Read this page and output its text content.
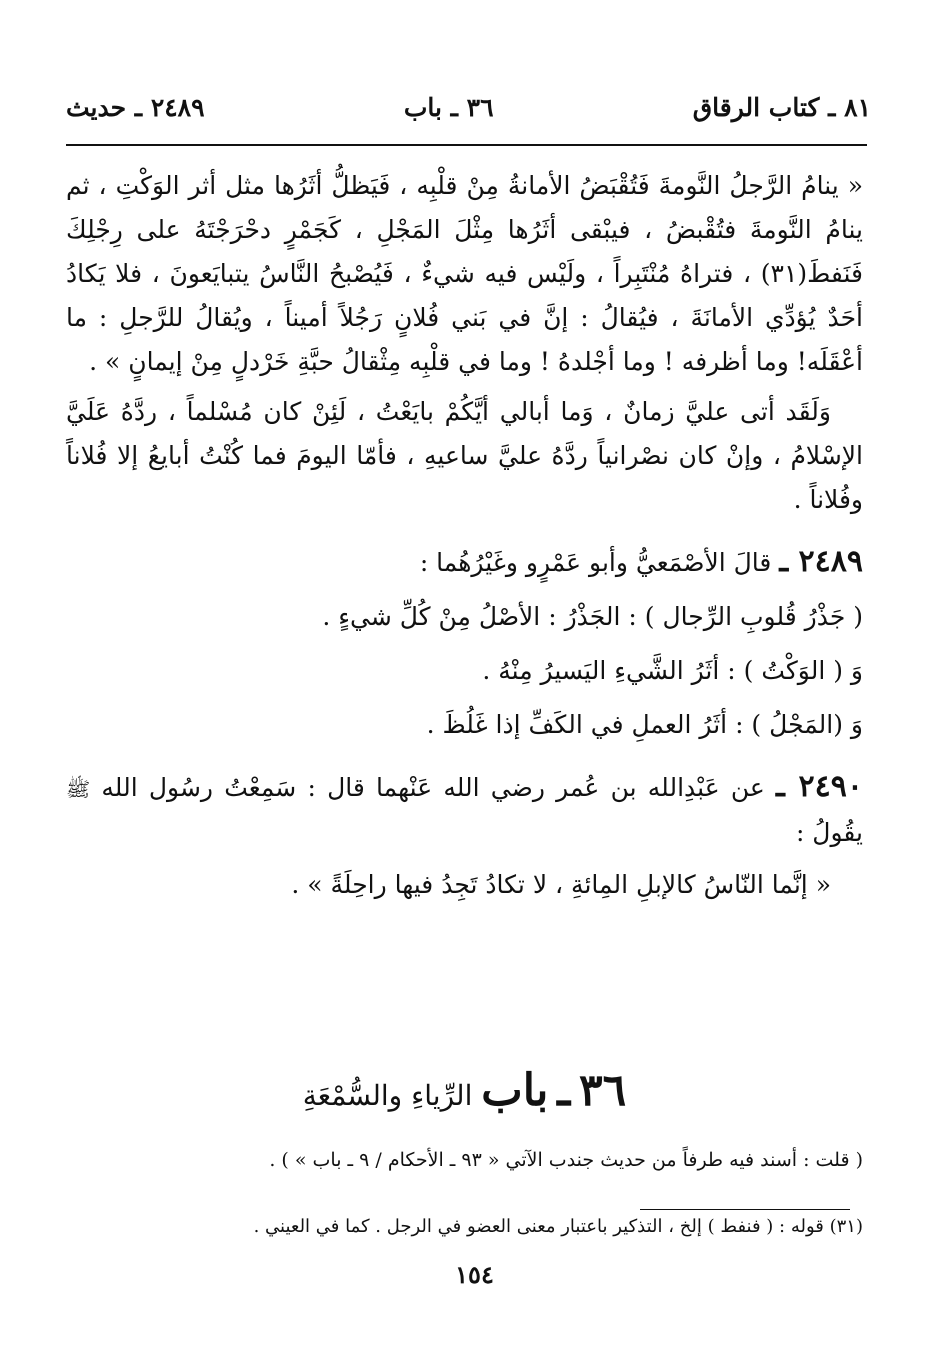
٨١ ـ كتاب الرقاق
٣٦ ـ باب
٢٤٨٩ ـ حديث

« ينامُ الرَّجلُ النَّومةَ فَتُقْبَضُ الأمانةُ مِنْ قلْبِه ، فَيَظلُّ أثَرُها مثل أثر الوَكْتِ ، ثم ينامُ النَّومةَ فتُقْبضُ ، فيبْقى أثَرُها مِثْلَ المَجْلِ ، كَجَمْرٍ دحْرَجْتَهُ على رِجْلِكَ فَنَفطَ(٣١) ، فتراهُ مُنْتَبِراً ، ولَيْس فيه شيءٌ ، فَيُصْبحُ النَّاسُ يتبايَعونَ ، فلا يَكادُ أحَدٌ يُؤدِّي الأمانَةَ ، فيُقالُ : إنَّ في بَني فُلانٍ رَجُلاً أميناً ، ويُقالُ للرَّجلِ : ما أعْقَلَه! وما أظرفه ! وما أجْلدهُ ! وما في قلْبِه مِثْقالُ حبَّةِ خَرْدلٍ مِنْ إيمانٍ » .

وَلَقَد أتى عليَّ زمانٌ ، وَما أبالي أيَّكُمْ بايَعْتُ ، لَئِنْ كان مُسْلماً ، ردَّهُ عَلَيَّ الإسْلامُ ، وإنْ كان نصْرانياً ردَّهُ عليَّ ساعيهِ ، فأمّا اليومَ فما كُنْتُ أبايعُ إلا فُلاناً وفُلاناً .

٢٤٨٩ ـ قالَ الأصْمَعيُّ وأبو عَمْرٍو وغَيْرُهُما :

( جَذْرُ قُلوبِ الرِّجال ) : الجَذْرُ : الأصْلُ مِنْ كُلِّ شيءٍ .

وَ ( الوَكْتُ ) : أثَرُ الشَّيءِ اليَسيرُ مِنْهُ .

وَ (المَجْلُ ) : أثَرُ العملِ في الكَفِّ إذا غَلُظَ .

٢٤٩٠ ـ عن عَبْدِالله بن عُمر رضي الله عَنْهما قال : سَمِعْتُ رسُول الله ﷺ يقُولُ :

« إنَّما النّاسُ كالإبلِ المِائةِ ، لا تكادُ تَجِدُ فيها راحِلَةً » .

٣٦ ـ باب الرِّياءِ والسُّمْعَةِ
( قلت : أسند فيه طرفاً من حديث جندب الآتي « ٩٣ ـ الأحكام / ٩ ـ باب » ) .
(٣١) قوله : ( فنفط ) إلخ ، التذكير باعتبار معنى العضو في الرجل . كما في العيني .
١٥٤
